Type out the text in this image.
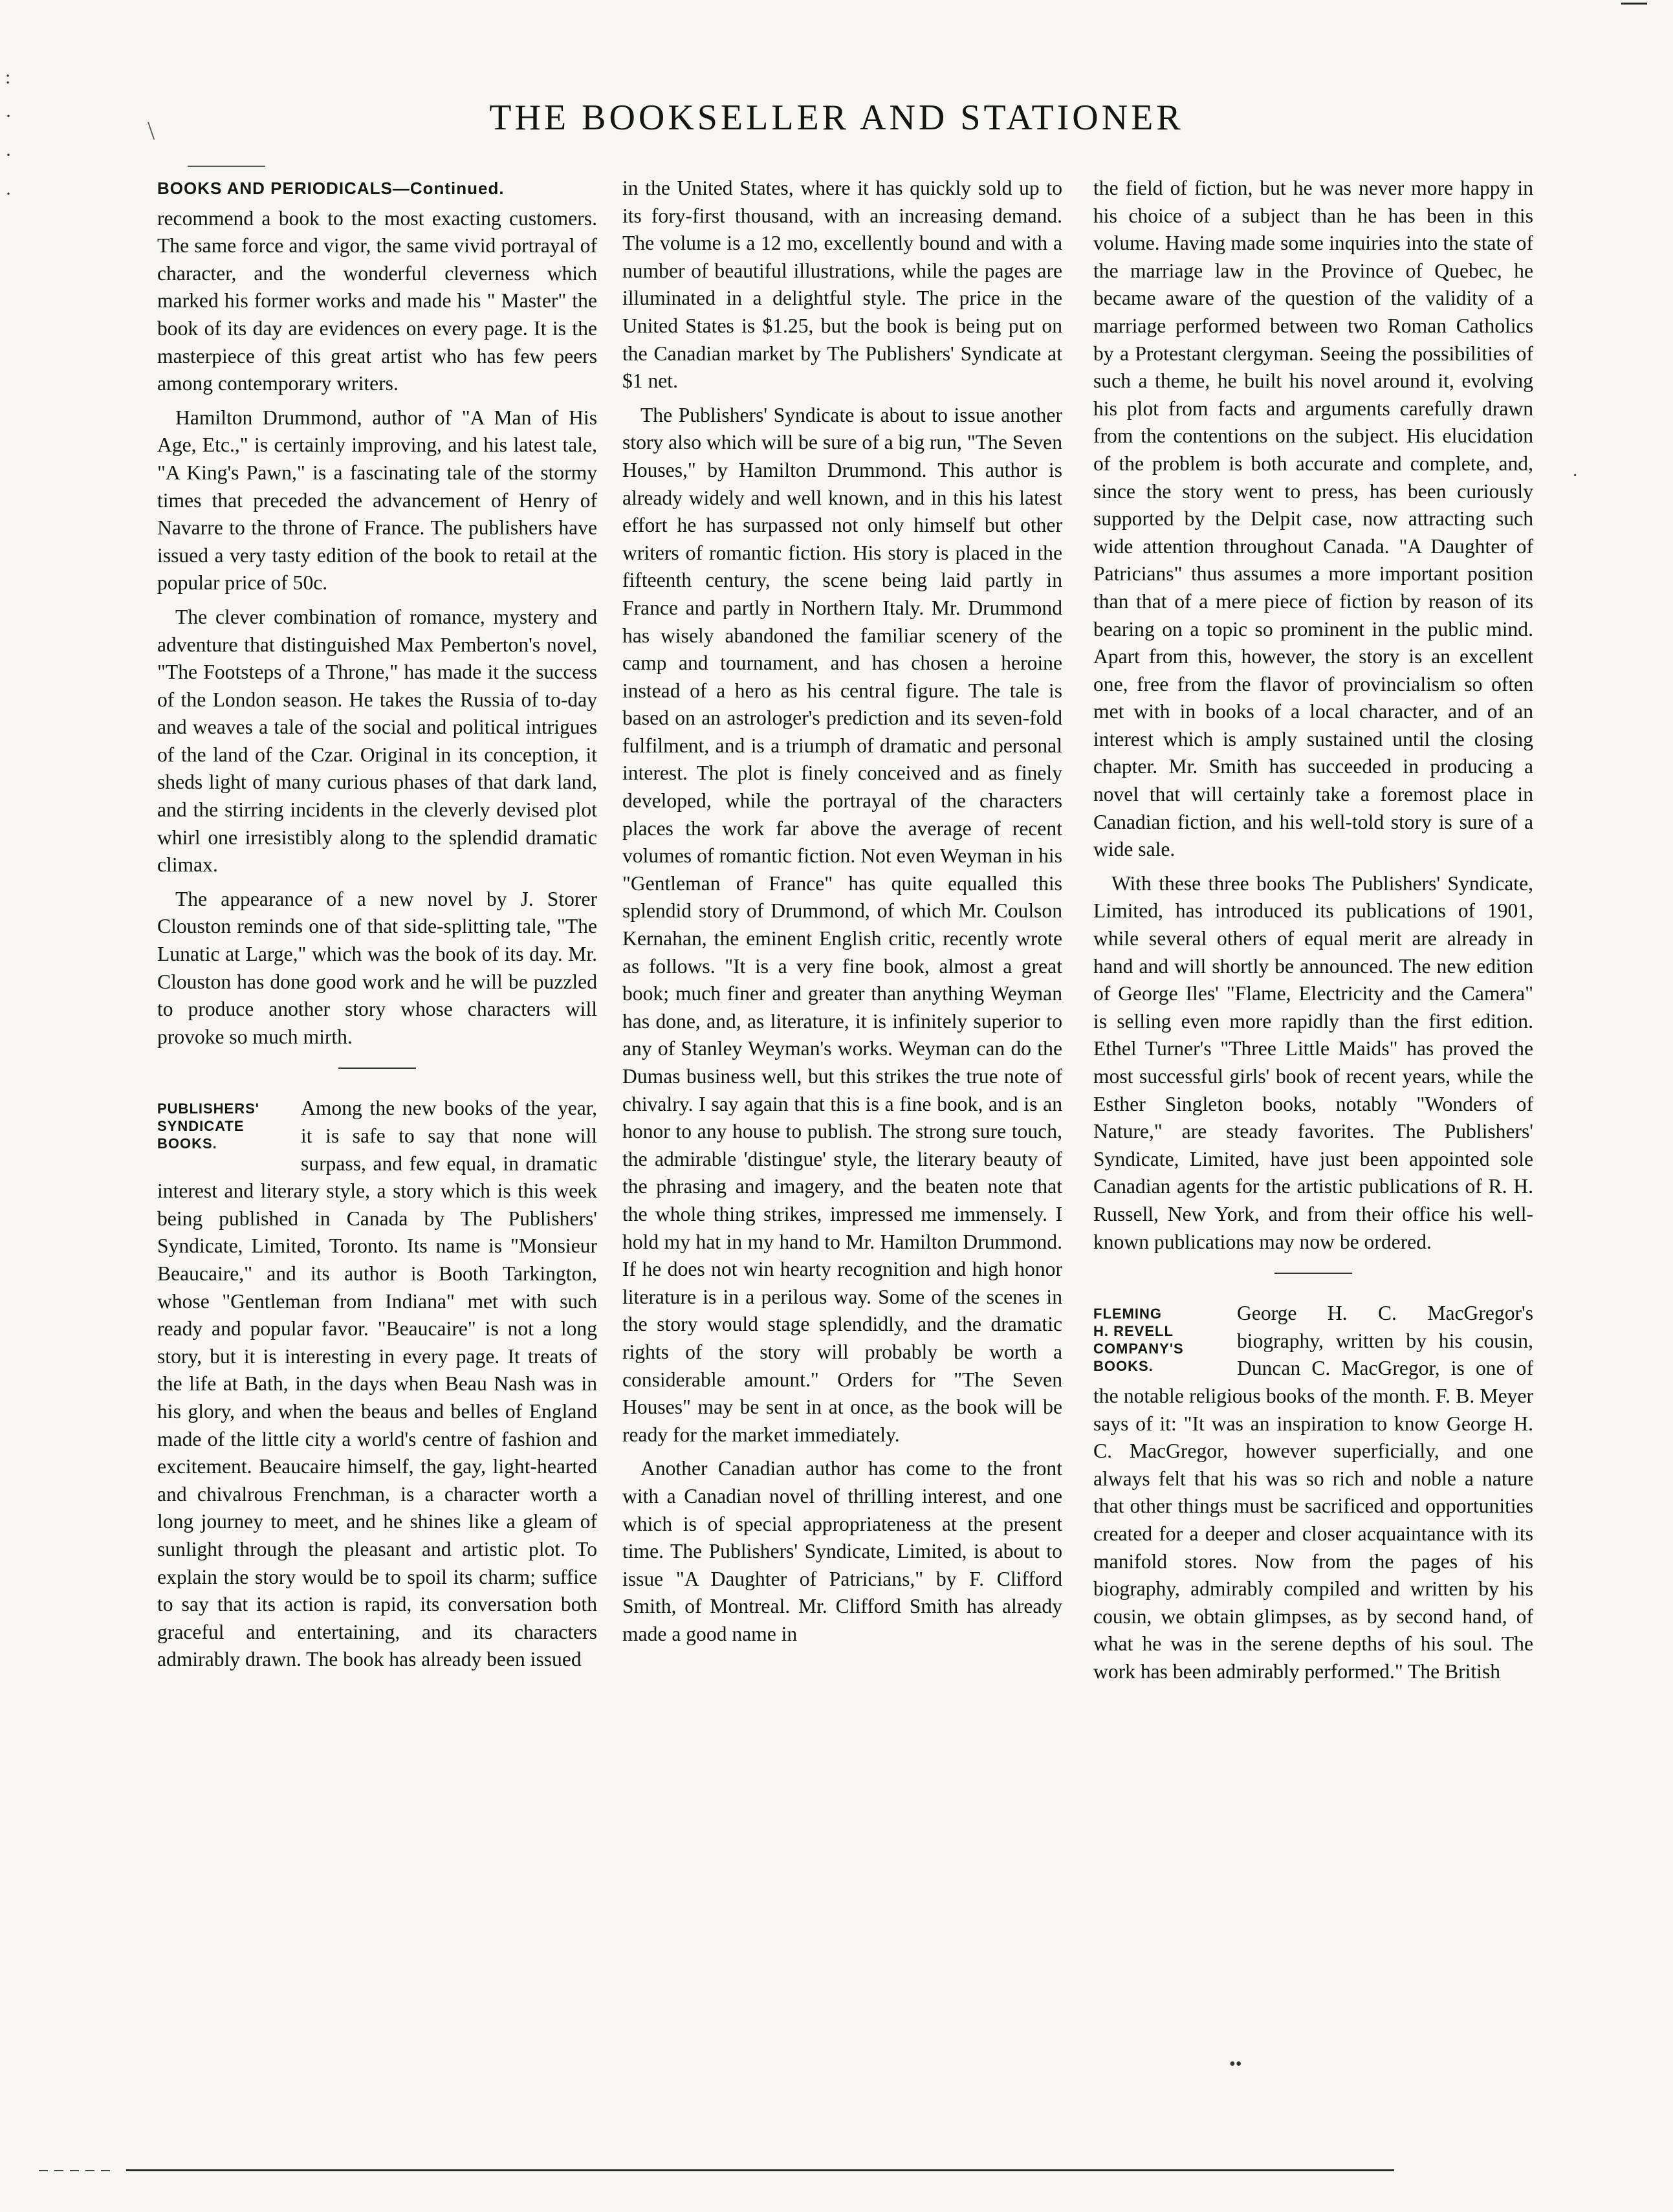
:
·
·
·
\	THE BOOKSELLER AND STATIONER
BOOKS AND PERIODICALS—Continued.

recommend a book to the most exacting customers. The same force and vigor, the same vivid portrayal of character, and the wonderful cleverness which marked his former works and made his " Master" the book of its day are evidences on every page. It is the masterpiece of this great artist who has few peers among contemporary writers.

Hamilton Drummond, author of "A Man of His Age, Etc.," is certainly improving, and his latest tale, "A King's Pawn," is a fascinating tale of the stormy times that preceded the advancement of Henry of Navarre to the throne of France. The publishers have issued a very tasty edition of the book to retail at the popular price of 50c.

The clever combination of romance, mystery and adventure that distinguished Max Pemberton's novel, "The Footsteps of a Throne," has made it the success of the London season. He takes the Russia of to-day and weaves a tale of the social and political intrigues of the land of the Czar. Original in its conception, it sheds light of many curious phases of that dark land, and the stirring incidents in the cleverly devised plot whirl one irresistibly along to the splendid dramatic climax.

The appearance of a new novel by J. Storer Clouston reminds one of that side-splitting tale, "The Lunatic at Large," which was the book of its day. Mr. Clouston has done good work and he will be puzzled to produce another story whose characters will provoke so much mirth.

PUBLISHERS'
SYNDICATE
BOOKS.

Among the new books of the year, it is safe to say that none will surpass, and few equal, in dramatic interest and literary style, a story which is this week being published in Canada by The Publishers' Syndicate, Limited, Toronto. Its name is "Monsieur Beaucaire," and its author is Booth Tarkington, whose "Gentleman from Indiana" met with such ready and popular favor. "Beaucaire" is not a long story, but it is interesting in every page. It treats of the life at Bath, in the days when Beau Nash was in his glory, and when the beaus and belles of England made of the little city a world's centre of fashion and excitement. Beaucaire himself, the gay, light-hearted and chivalrous Frenchman, is a character worth a long journey to meet, and he shines like a gleam of sunlight through the pleasant and artistic plot. To explain the story would be to spoil its charm; suffice to say that its action is rapid, its conversation both graceful and entertaining, and its characters admirably drawn. The book has already been issued

in the United States, where it has quickly sold up to its fory-first thousand, with an increasing demand. The volume is a 12 mo, excellently bound and with a number of beautiful illustrations, while the pages are illuminated in a delightful style. The price in the United States is $1.25, but the book is being put on the Canadian market by The Publishers' Syndicate at $1 net.

The Publishers' Syndicate is about to issue another story also which will be sure of a big run, "The Seven Houses," by Hamilton Drummond. This author is already widely and well known, and in this his latest effort he has surpassed not only himself but other writers of romantic fiction. His story is placed in the fifteenth century, the scene being laid partly in France and partly in Northern Italy. Mr. Drummond has wisely abandoned the familiar scenery of the camp and tournament, and has chosen a heroine instead of a hero as his central figure. The tale is based on an astrologer's prediction and its seven-fold fulfilment, and is a triumph of dramatic and personal interest. The plot is finely conceived and as finely developed, while the portrayal of the characters places the work far above the average of recent volumes of romantic fiction. Not even Weyman in his "Gentleman of France" has quite equalled this splendid story of Drummond, of which Mr. Coulson Kernahan, the eminent English critic, recently wrote as follows. "It is a very fine book, almost a great book; much finer and greater than anything Weyman has done, and, as literature, it is infinitely superior to any of Stanley Weyman's works. Weyman can do the Dumas business well, but this strikes the true note of chivalry. I say again that this is a fine book, and is an honor to any house to publish. The strong sure touch, the admirable 'distingue' style, the literary beauty of the phrasing and imagery, and the beaten note that the whole thing strikes, impressed me immensely. I hold my hat in my hand to Mr. Hamilton Drummond. If he does not win hearty recognition and high honor literature is in a perilous way. Some of the scenes in the story would stage splendidly, and the dramatic rights of the story will probably be worth a considerable amount." Orders for "The Seven Houses" may be sent in at once, as the book will be ready for the market immediately.

Another Canadian author has come to the front with a Canadian novel of thrilling interest, and one which is of special appropriateness at the present time. The Publishers' Syndicate, Limited, is about to issue "A Daughter of Patricians," by F. Clifford Smith, of Montreal. Mr. Clifford Smith has already made a good name in

the field of fiction, but he was never more happy in his choice of a subject than he has been in this volume. Having made some inquiries into the state of the marriage law in the Province of Quebec, he became aware of the question of the validity of a marriage performed between two Roman Catholics by a Protestant clergyman. Seeing the possibilities of such a theme, he built his novel around it, evolving his plot from facts and arguments carefully drawn from the contentions on the subject. His elucidation of the problem is both accurate and complete, and, since the story went to press, has been curiously supported by the Delpit case, now attracting such wide attention throughout Canada. "A Daughter of Patricians" thus assumes a more important position than that of a mere piece of fiction by reason of its bearing on a topic so prominent in the public mind. Apart from this, however, the story is an excellent one, free from the flavor of provincialism so often met with in books of a local character, and of an interest which is amply sustained until the closing chapter. Mr. Smith has succeeded in producing a novel that will certainly take a foremost place in Canadian fiction, and his well-told story is sure of a wide sale.

With these three books The Publishers' Syndicate, Limited, has introduced its publications of 1901, while several others of equal merit are already in hand and will shortly be announced. The new edition of George Iles' "Flame, Electricity and the Camera" is selling even more rapidly than the first edition. Ethel Turner's "Three Little Maids" has proved the most successful girls' book of recent years, while the Esther Singleton books, notably "Wonders of Nature," are steady favorites. The Publishers' Syndicate, Limited, have just been appointed sole Canadian agents for the artistic publications of R. H. Russell, New York, and from their office his well-known publications may now be ordered.

FLEMING
H. REVELL
COMPANY'S
BOOKS.

George H. C. MacGregor's biography, written by his cousin, Duncan C. MacGregor, is one of the notable religious books of the month. F. B. Meyer says of it: "It was an inspiration to know George H. C. MacGregor, however superficially, and one always felt that his was so rich and noble a nature that other things must be sacrificed and opportunities created for a deeper and closer acquaintance with its manifold stores. Now from the pages of his biography, admirably compiled and written by his cousin, we obtain glimpses, as by second hand, of what he was in the serene depths of his soul. The work has been admirably performed." The British

·
••
